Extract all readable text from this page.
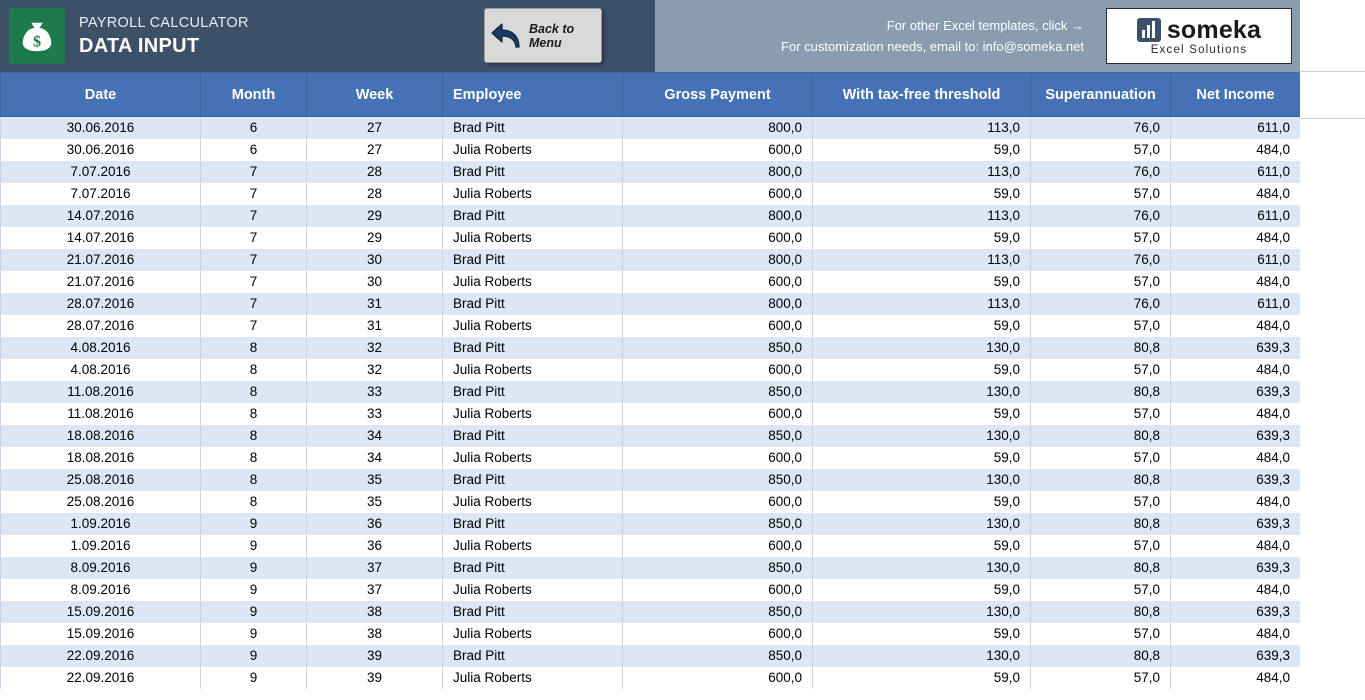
$
PAYROLL CALCULATOR
DATA INPUT
Back to
Menu
For other Excel templates, click →
For customization needs, email to: info@someka.net
someka
Excel Solutions
Date	Month	Week	Employee	Gross Payment	With tax-free threshold	Superannuation	Net Income
30.06.2016	6	27	Brad Pitt	800,0	113,0	76,0	611,0
30.06.2016	6	27	Julia Roberts	600,0	59,0	57,0	484,0
7.07.2016	7	28	Brad Pitt	800,0	113,0	76,0	611,0
7.07.2016	7	28	Julia Roberts	600,0	59,0	57,0	484,0
14.07.2016	7	29	Brad Pitt	800,0	113,0	76,0	611,0
14.07.2016	7	29	Julia Roberts	600,0	59,0	57,0	484,0
21.07.2016	7	30	Brad Pitt	800,0	113,0	76,0	611,0
21.07.2016	7	30	Julia Roberts	600,0	59,0	57,0	484,0
28.07.2016	7	31	Brad Pitt	800,0	113,0	76,0	611,0
28.07.2016	7	31	Julia Roberts	600,0	59,0	57,0	484,0
4.08.2016	8	32	Brad Pitt	850,0	130,0	80,8	639,3
4.08.2016	8	32	Julia Roberts	600,0	59,0	57,0	484,0
11.08.2016	8	33	Brad Pitt	850,0	130,0	80,8	639,3
11.08.2016	8	33	Julia Roberts	600,0	59,0	57,0	484,0
18.08.2016	8	34	Brad Pitt	850,0	130,0	80,8	639,3
18.08.2016	8	34	Julia Roberts	600,0	59,0	57,0	484,0
25.08.2016	8	35	Brad Pitt	850,0	130,0	80,8	639,3
25.08.2016	8	35	Julia Roberts	600,0	59,0	57,0	484,0
1.09.2016	9	36	Brad Pitt	850,0	130,0	80,8	639,3
1.09.2016	9	36	Julia Roberts	600,0	59,0	57,0	484,0
8.09.2016	9	37	Brad Pitt	850,0	130,0	80,8	639,3
8.09.2016	9	37	Julia Roberts	600,0	59,0	57,0	484,0
15.09.2016	9	38	Brad Pitt	850,0	130,0	80,8	639,3
15.09.2016	9	38	Julia Roberts	600,0	59,0	57,0	484,0
22.09.2016	9	39	Brad Pitt	850,0	130,0	80,8	639,3
22.09.2016	9	39	Julia Roberts	600,0	59,0	57,0	484,0
